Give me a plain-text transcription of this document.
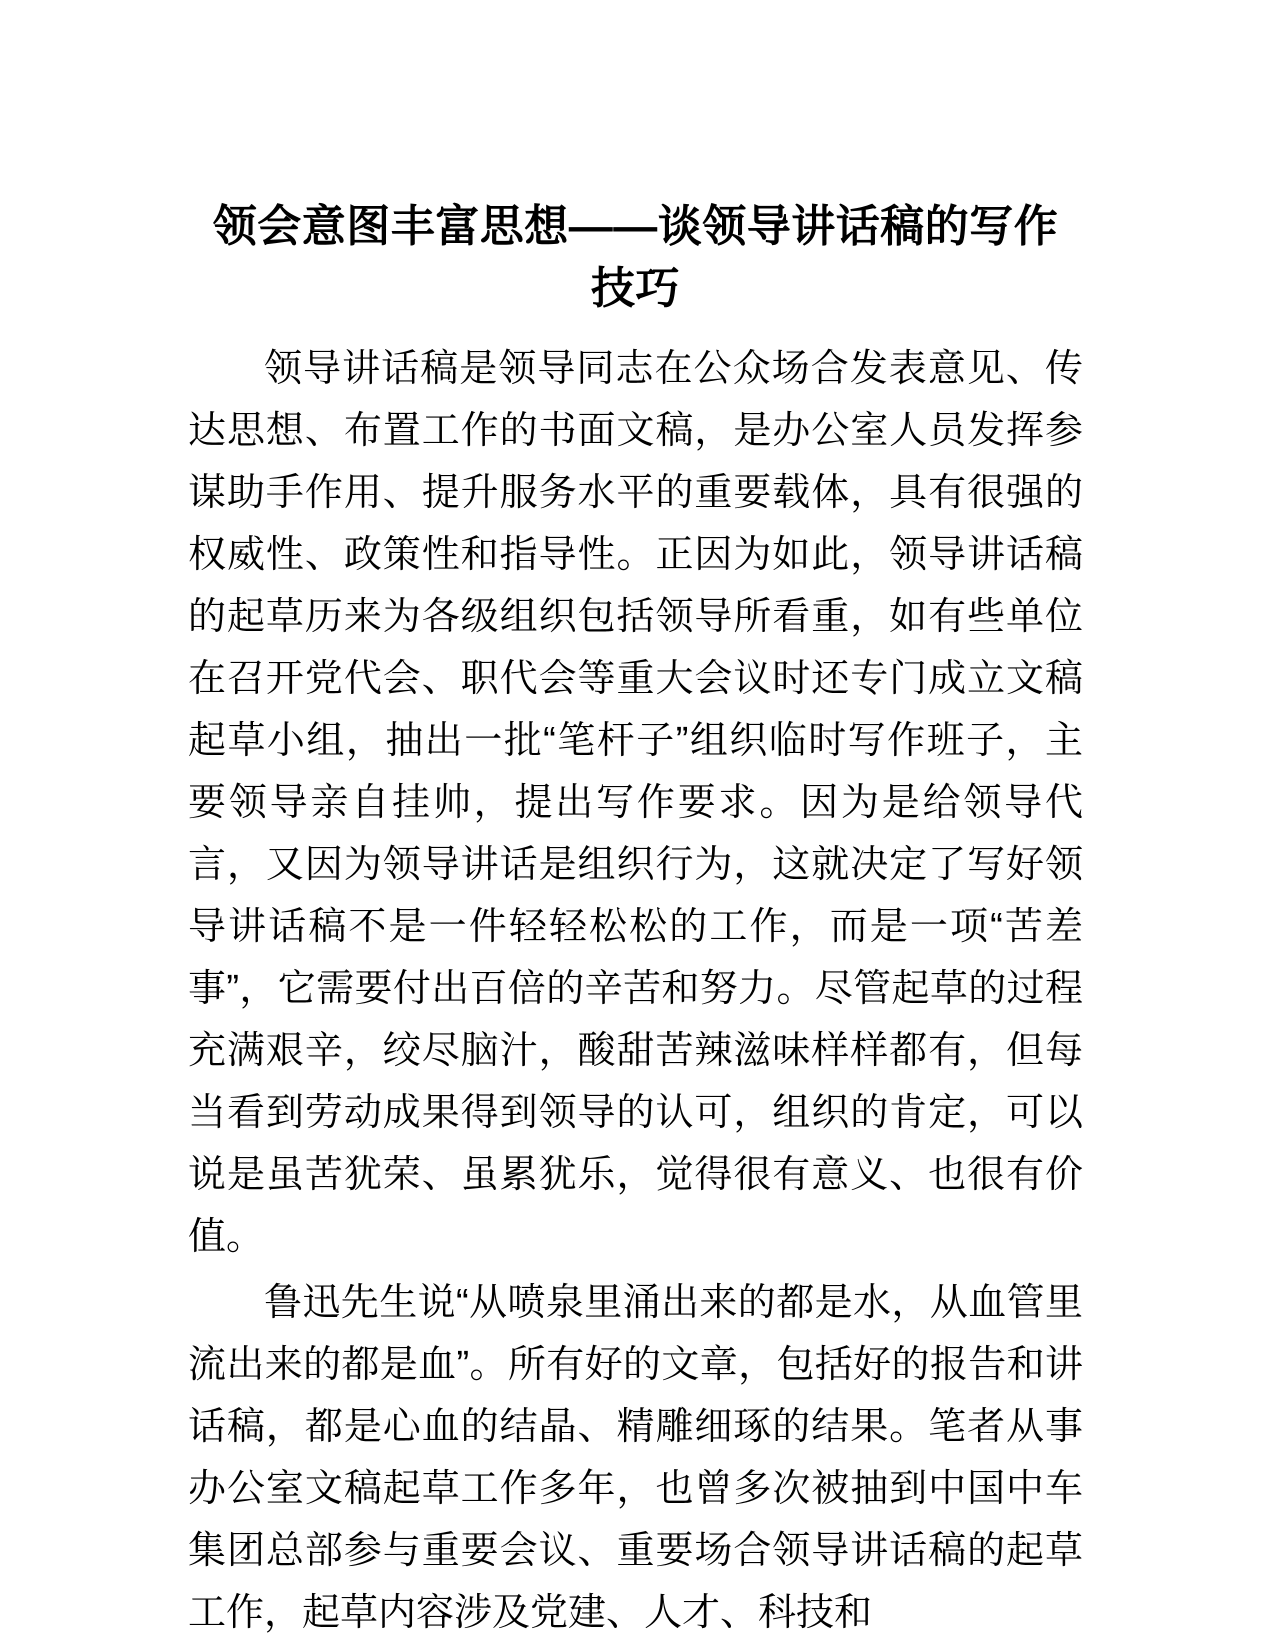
领会意图丰富思想——谈领导讲话稿的写作技巧

领导讲话稿是领导同志在公众场合发表意见、传达思想、布置工作的书面文稿，是办公室人员发挥参谋助手作用、提升服务水平的重要载体，具有很强的权威性、政策性和指导性。正因为如此，领导讲话稿的起草历来为各级组织包括领导所看重，如有些单位在召开党代会、职代会等重大会议时还专门成立文稿起草小组，抽出一批“笔杆子”组织临时写作班子，主要领导亲自挂帅，提出写作要求。因为是给领导代言，又因为领导讲话是组织行为，这就决定了写好领导讲话稿不是一件轻轻松松的工作，而是一项“苦差事”，它需要付出百倍的辛苦和努力。尽管起草的过程充满艰辛，绞尽脑汁，酸甜苦辣滋味样样都有，但每当看到劳动成果得到领导的认可，组织的肯定，可以说是虽苦犹荣、虽累犹乐，觉得很有意义、也很有价值。

鲁迅先生说“从喷泉里涌出来的都是水，从血管里流出来的都是血”。所有好的文章，包括好的报告和讲话稿，都是心血的结晶、精雕细琢的结果。笔者从事办公室文稿起草工作多年，也曾多次被抽到中国中车集团总部参与重要会议、重要场合领导讲话稿的起草工作，起草内容涉及党建、人才、科技和
